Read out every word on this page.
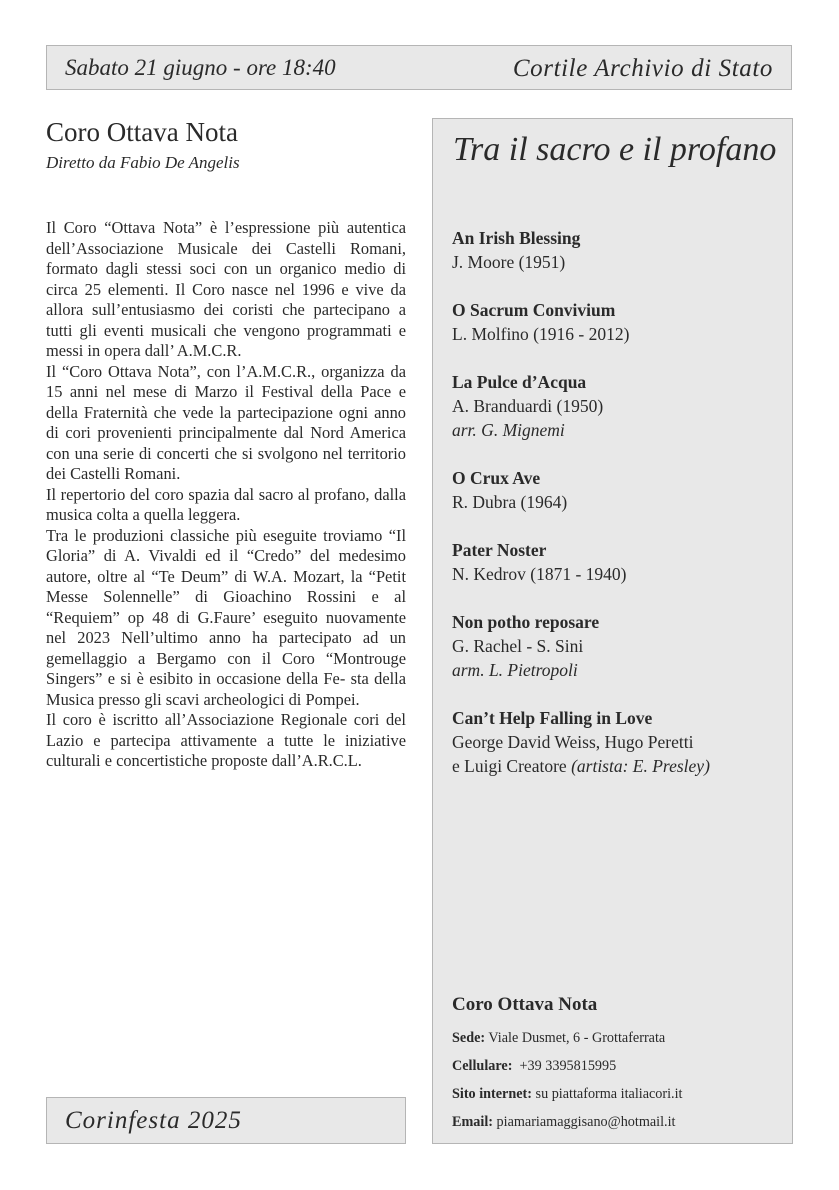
Sabato 21 giugno - ore 18:40	Cortile Archivio di Stato
Coro Ottava Nota
Diretto da Fabio De Angelis

Il Coro “Ottava Nota” è l’espressione più autentica dell’Associazione Musicale dei Castelli Romani, formato dagli stessi soci con un organico medio di circa 25 elementi. Il Coro nasce nel 1996 e vive da allora sull’entusiasmo dei coristi che partecipano a tutti gli eventi musicali che vengono programmati e messi in opera dall’ A.M.C.R.

Il “Coro Ottava Nota”, con l’A.M.C.R., organizza da 15 anni nel mese di Marzo il Festival della Pace e della Fraternità che vede la partecipazione ogni anno di cori provenienti principalmente dal Nord America con una serie di concerti che si svolgono nel territorio dei Castelli Romani.

Il repertorio del coro spazia dal sacro al profano, dalla musica colta a quella leggera.

Tra le produzioni classiche più eseguite troviamo “Il Gloria” di A. Vivaldi ed il “Credo” del medesimo autore, oltre al “Te Deum” di W.A. Mozart, la “Petit Messe Solennelle” di Gioachino Rossini e al “Requiem” op 48 di G.Faure’ eseguito nuovamente nel 2023 Nell’ultimo anno ha partecipato ad un gemellaggio a Bergamo con il Coro “Montrouge Singers” e si è esibito in occasione della Fe- sta della Musica presso gli scavi archeologici di Pompei.

Il coro è iscritto all’Associazione Regionale cori del Lazio e partecipa attivamente a tutte le iniziative culturali e concertistiche proposte dall’A.R.C.L.

Corinfesta 2025
Tra il sacro e il profano
An Irish Blessing
J. Moore (1951)
O Sacrum Convivium
L. Molfino (1916 - 2012)
La Pulce d’Acqua
A. Branduardi (1950)
arr. G. Mignemi
O Crux Ave
R. Dubra (1964)
Pater Noster
N. Kedrov (1871 - 1940)
Non potho reposare
G. Rachel - S. Sini
arm. L. Pietropoli
Can’t Help Falling in Love
George David Weiss, Hugo Peretti
e Luigi Creatore (artista: E. Presley)
Coro Ottava Nota
Sede: Viale Dusmet, 6 - Grottaferrata
Cellulare: +39 3395815995
Sito internet: su piattaforma italiacori.it
Email: piamariamaggisano@hotmail.it
